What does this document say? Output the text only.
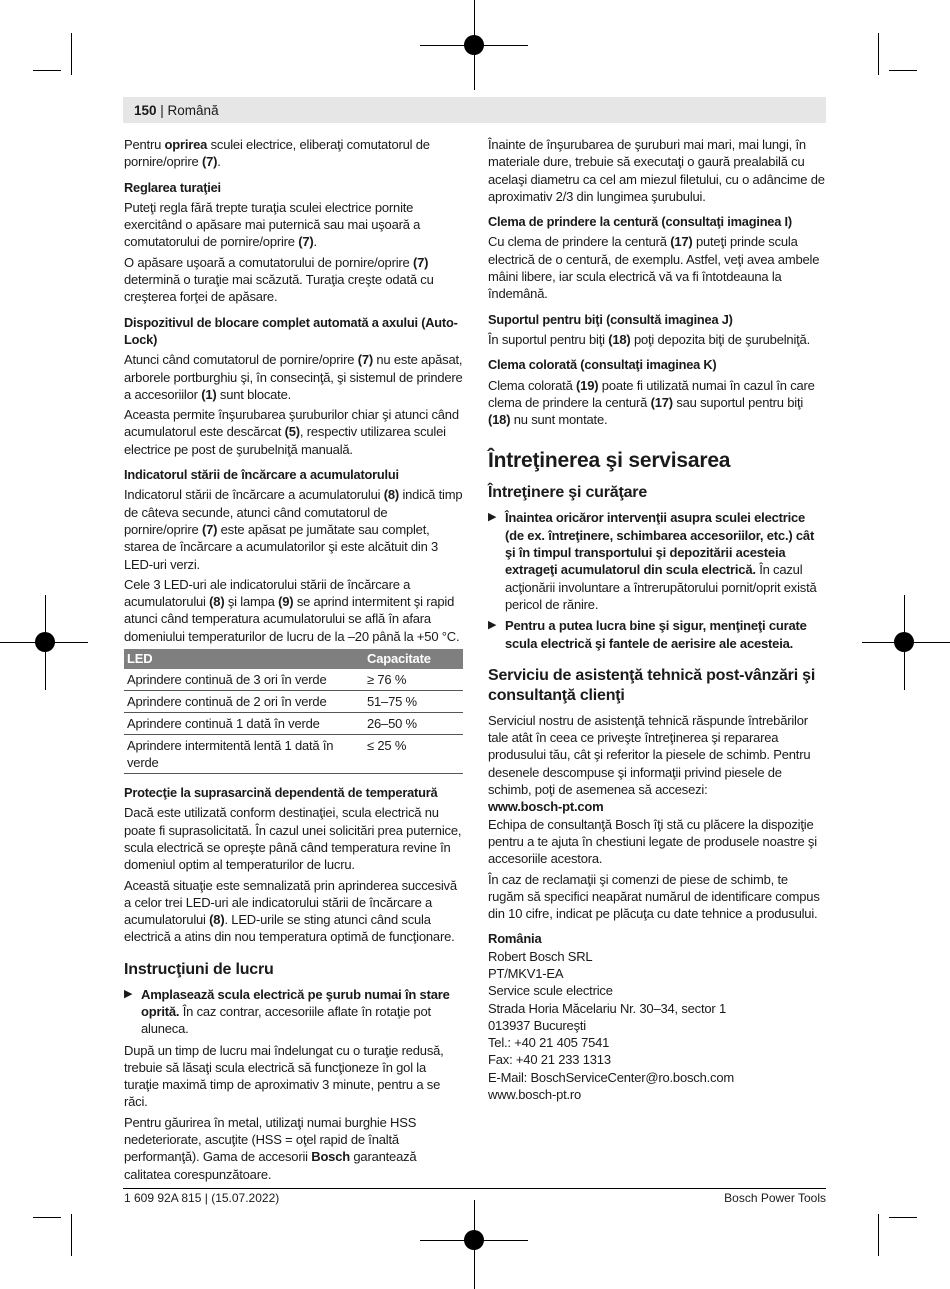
150 | Română

Pentru oprirea sculei electrice, eliberaţi comutatorul de pornire/oprire (7).

Reglarea turaţiei

Puteţi regla fără trepte turaţia sculei electrice pornite exercitând o apăsare mai puternică sau mai uşoară a comutatorului de pornire/oprire (7).

O apăsare uşoară a comutatorului de pornire/oprire (7) determină o turaţie mai scăzută. Turaţia creşte odată cu creşterea forţei de apăsare.

Dispozitivul de blocare complet automată a axului (Auto-Lock)

Atunci când comutatorul de pornire/oprire (7) nu este apăsat, arborele portburghiu şi, în consecinţă, şi sistemul de prindere a accesoriilor (1) sunt blocate.

Aceasta permite înşurubarea şuruburilor chiar şi atunci când acumulatorul este descărcat (5), respectiv utilizarea sculei electrice pe post de şurubelniţă manuală.

Indicatorul stării de încărcare a acumulatorului

Indicatorul stării de încărcare a acumulatorului (8) indică timp de câteva secunde, atunci când comutatorul de pornire/oprire (7) este apăsat pe jumătate sau complet, starea de încărcare a acumulatorilor şi este alcătuit din 3 LED-uri verzi.

Cele 3 LED-uri ale indicatorului stării de încărcare a acumulatorului (8) şi lampa (9) se aprind intermitent şi rapid atunci când temperatura acumulatorului se află în afara domeniului temperaturilor de lucru de la –20 până la +50 °C.

LED	Capacitate
Aprindere continuă de 3 ori în verde	≥ 76 %
Aprindere continuă de 2 ori în verde	51–75 %
Aprindere continuă 1 dată în verde	26–50 %
Aprindere intermitentă lentă 1 dată în verde	≤ 25 %
Protecţie la suprasarcină dependentă de temperatură

Dacă este utilizată conform destinaţiei, scula electrică nu poate fi suprasolicitată. În cazul unei solicitări prea puternice, scula electrică se opreşte până când temperatura revine în domeniul optim al temperaturilor de lucru.

Această situaţie este semnalizată prin aprinderea succesivă a celor trei LED-uri ale indicatorului stării de încărcare a acumulatorului (8). LED-urile se sting atunci când scula electrică a atins din nou temperatura optimă de funcţionare.

Instrucţiuni de lucru
▶ Amplasează scula electrică pe şurub numai în stare oprită. În caz contrar, accesoriile aflate în rotaţie pot aluneca.

După un timp de lucru mai îndelungat cu o turaţie redusă, trebuie să lăsaţi scula electrică să funcţioneze în gol la turaţie maximă timp de aproximativ 3 minute, pentru a se răci.

Pentru găurirea în metal, utilizaţi numai burghie HSS nedeteriorate, ascuţite (HSS = oţel rapid de înaltă performanţă). Gama de accesorii Bosch garantează calitatea corespunzătoare.

Înainte de înşurubarea de şuruburi mai mari, mai lungi, în materiale dure, trebuie să executaţi o gaură prealabilă cu acelaşi diametru ca cel am miezul filetului, cu o adâncime de aproximativ 2/3 din lungimea şurubului.

Clema de prindere la centură (consultaţi imaginea I)

Cu clema de prindere la centură (17) puteţi prinde scula electrică de o centură, de exemplu. Astfel, veţi avea ambele mâini libere, iar scula electrică vă va fi întotdeauna la îndemână.

Suportul pentru biţi (consultă imaginea J)

În suportul pentru biţi (18) poţi depozita biţi de şurubelniţă.

Clema colorată (consultaţi imaginea K)

Clema colorată (19) poate fi utilizată numai în cazul în care clema de prindere la centură (17) sau suportul pentru biţi (18) nu sunt montate.

Întreţinerea şi servisarea
Întreţinere şi curăţare
▶ Înaintea oricăror intervenţii asupra sculei electrice (de ex. întreţinere, schimbarea accesoriilor, etc.) cât şi în timpul transportului şi depozitării acesteia extrageţi acumulatorul din scula electrică. În cazul acţionării involuntare a întrerupătorului pornit/oprit există pericol de rănire.
▶ Pentru a putea lucra bine şi sigur, menţineţi curate scula electrică şi fantele de aerisire ale acesteia.
Serviciu de asistenţă tehnică post-vânzări şi consultanţă clienţi

Serviciul nostru de asistenţă tehnică răspunde întrebărilor tale atât în ceea ce priveşte întreţinerea şi repararea produsului tău, cât şi referitor la piesele de schimb. Pentru desenele descompuse şi informaţii privind piesele de schimb, poţi de asemenea să accesezi:

www.bosch-pt.com

Echipa de consultanţă Bosch îţi stă cu plăcere la dispoziţie pentru a te ajuta în chestiuni legate de produsele noastre şi accesoriile acestora.

În caz de reclamaţii şi comenzi de piese de schimb, te rugăm să specifici neapărat numărul de identificare compus din 10 cifre, indicat pe plăcuţa cu date tehnice a produsului.

România

Robert Bosch SRL

PT/MKV1-EA

Service scule electrice

Strada Horia Măcelariu Nr. 30–34, sector 1

013937 Bucureşti

Tel.: +40 21 405 7541

Fax: +40 21 233 1313

E-Mail: BoschServiceCenter@ro.bosch.com

www.bosch-pt.ro

1 609 92A 815 | (15.07.2022)	Bosch Power Tools
